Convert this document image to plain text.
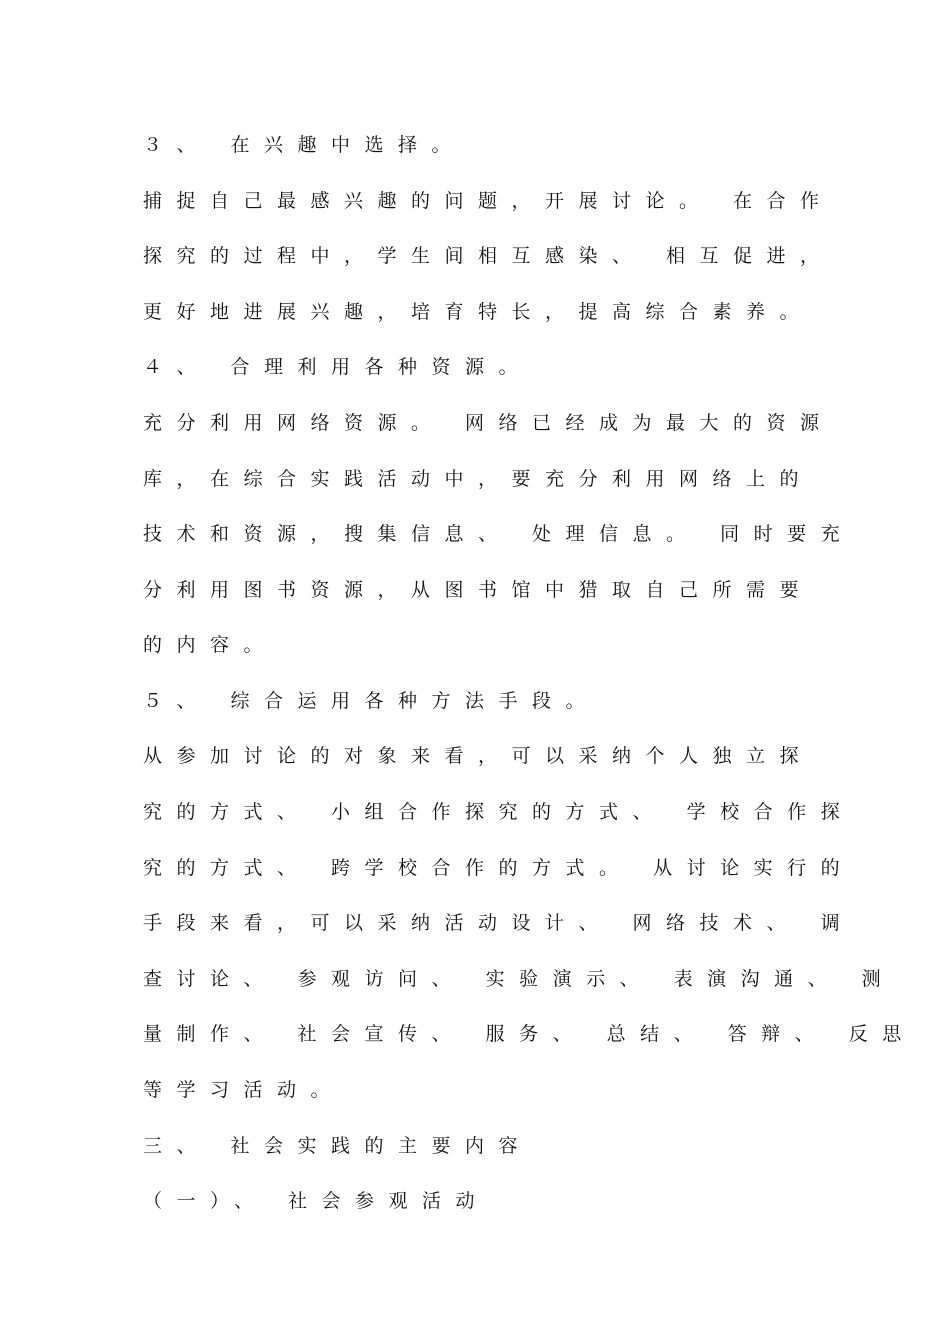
３、 在兴趣中选择。
捕捉自己最感兴趣的问题，开展讨论。 在合作
探究的过程中，学生间相互感染、 相互促进，
更好地进展兴趣，培育特长，提高综合素养。
４、 合理利用各种资源。
充分利用网络资源。 网络已经成为最大的资源
库，在综合实践活动中，要充分利用网络上的
技术和资源，搜集信息、 处理信息。 同时要充
分利用图书资源，从图书馆中猎取自己所需要
的内容。
５、 综合运用各种方法手段。
从参加讨论的对象来看，可以采纳个人独立探
究的方式、 小组合作探究的方式、 学校合作探
究的方式、 跨学校合作的方式。 从讨论实行的
手段来看，可以采纳活动设计、 网络技术、 调
查讨论、 参观访问、 实验演示、 表演沟通、 测
量制作、 社会宣传、 服务、 总结、 答辩、 反思
等学习活动。
三、 社会实践的主要内容
（一）、 社会参观活动
